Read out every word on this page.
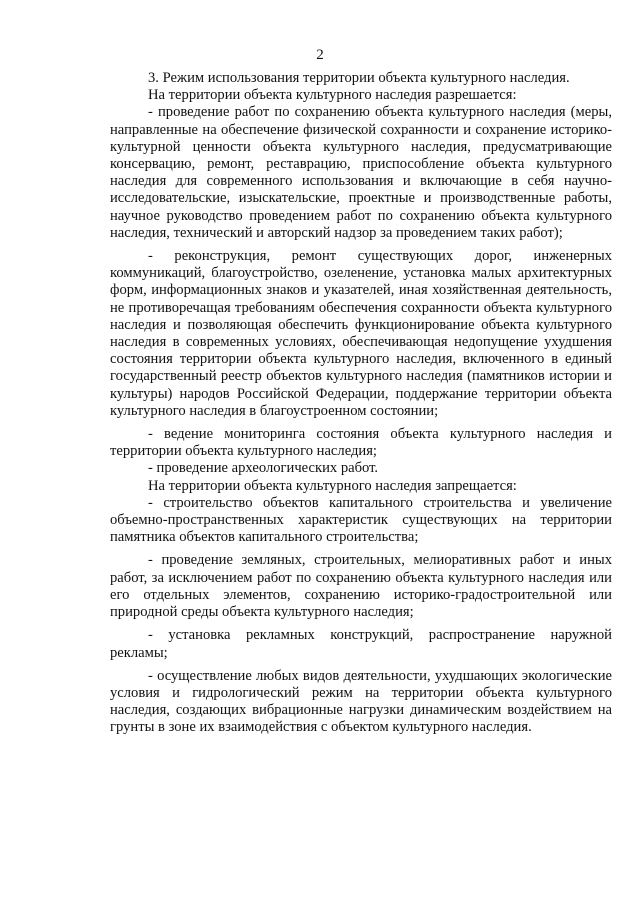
2

3. Режим использования территории объекта культурного наследия.

На территории объекта культурного наследия разрешается:

- проведение работ по сохранению объекта культурного наследия (меры, направленные на обеспечение физической сохранности и сохранение историко-культурной ценности объекта культурного наследия, предусматривающие консервацию, ремонт, реставрацию, приспособление объекта культурного наследия для современного использования и включающие в себя научно-исследовательские, изыскательские, проектные и производственные работы, научное руководство проведением работ по сохранению объекта культурного наследия, технический и авторский надзор за проведением таких работ);

- реконструкция, ремонт существующих дорог, инженерных коммуникаций, благоустройство, озеленение, установка малых архитектурных форм, информационных знаков и указателей, иная хозяйственная деятельность, не противоречащая требованиям обеспечения сохранности объекта культурного наследия и позволяющая обеспечить функционирование объекта культурного наследия в современных условиях, обеспечивающая недопущение ухудшения состояния территории объекта культурного наследия, включенного в единый государственный реестр объектов культурного наследия (памятников истории и культуры) народов Российской Федерации, поддержание территории объекта культурного наследия в благоустроенном состоянии;

- ведение мониторинга состояния объекта культурного наследия и территории объекта культурного наследия;

- проведение археологических работ.

На территории объекта культурного наследия запрещается:

- строительство объектов капитального строительства и увеличение объемно-пространственных характеристик существующих на территории памятника объектов капитального строительства;

- проведение земляных, строительных, мелиоративных работ и иных работ, за исключением работ по сохранению объекта культурного наследия или его отдельных элементов, сохранению историко-градостроительной или природной среды объекта культурного наследия;

- установка рекламных конструкций, распространение наружной рекламы;

- осуществление любых видов деятельности, ухудшающих экологические условия и гидрологический режим на территории объекта культурного наследия, создающих вибрационные нагрузки динамическим воздействием на грунты в зоне их взаимодействия с объектом культурного наследия.
